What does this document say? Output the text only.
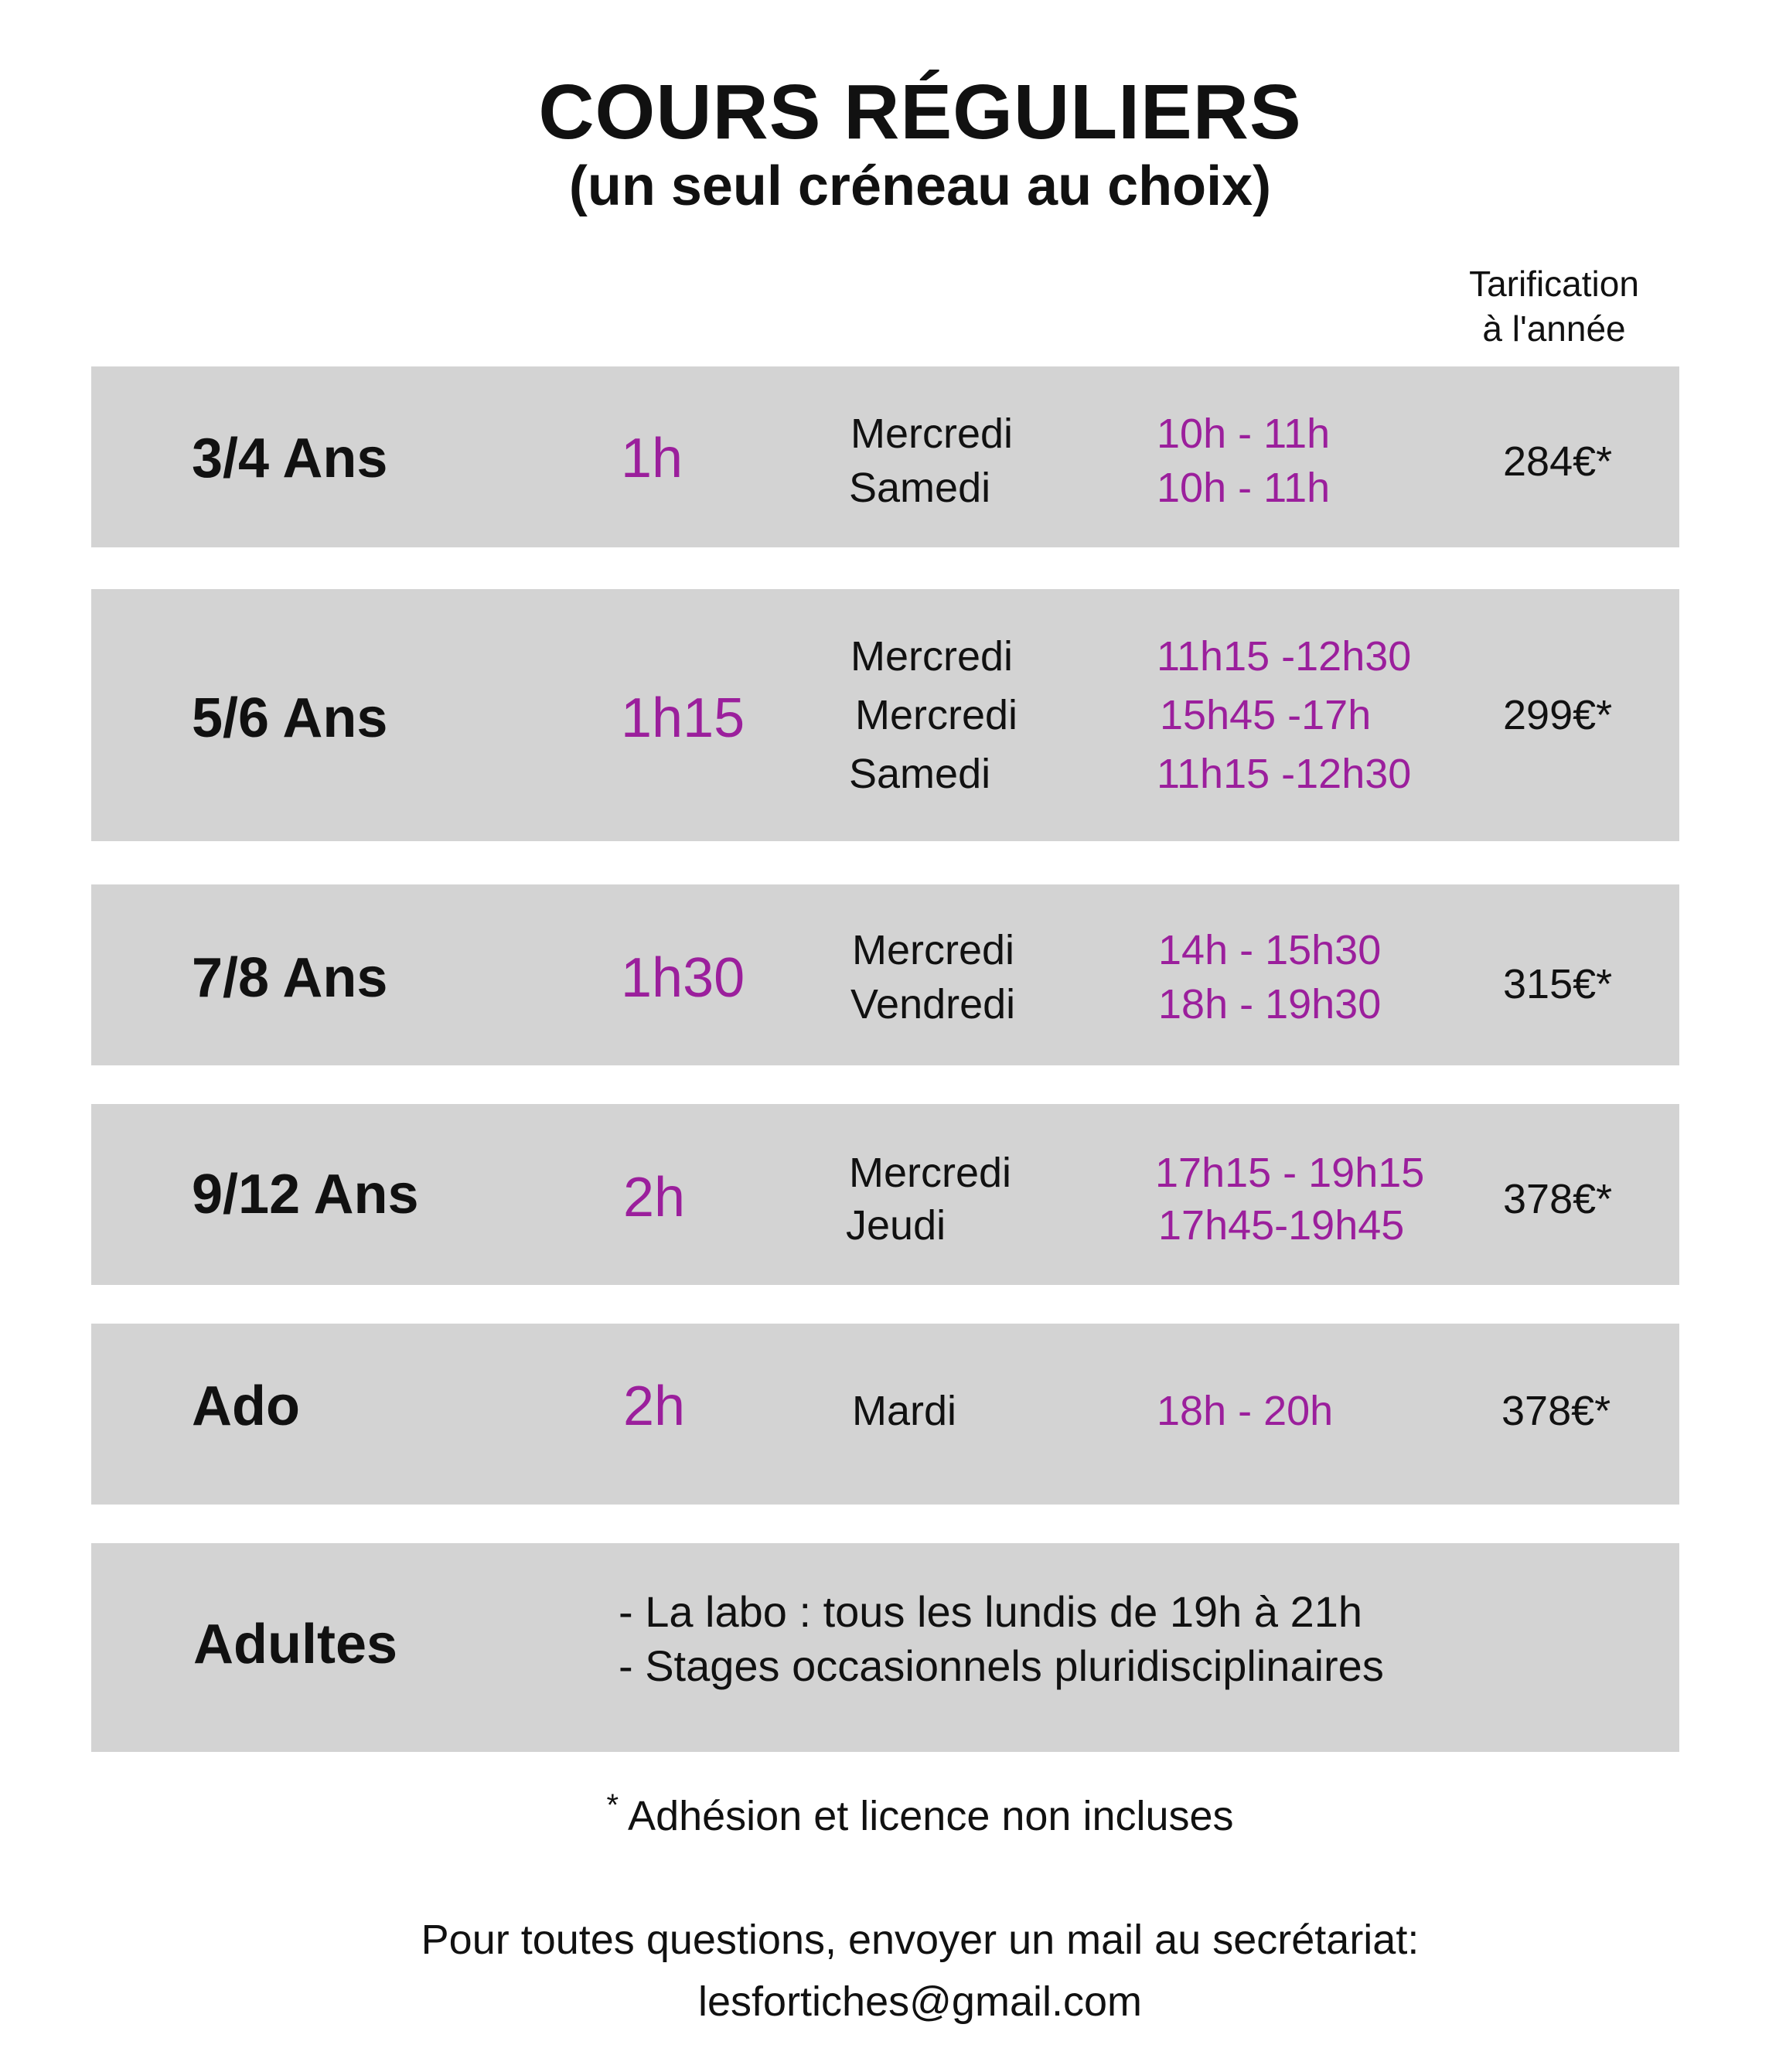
COURS RÉGULIERS
(un seul créneau au choix)
Tarification
à l'année
3/4 Ans	1h	Mercredi	10h - 11h
Samedi	10h - 11h
284€*
5/6 Ans	1h15
Mercredi	11h15 -12h30
Mercredi	15h45 -17h
Samedi	11h15 -12h30
299€*
7/8 Ans	1h30	Mercredi	14h - 15h30
Vendredi	18h - 19h30	315€*
9/12 Ans	2h	Mercredi	17h15 - 19h15
Jeudi	17h45-19h45
378€*
Ado	2h	Mardi	18h - 20h	378€*
Adultes
- La labo : tous les lundis de 19h à 21h
- Stages occasionnels pluridisciplinaires
* Adhésion et licence non incluses
Pour toutes questions, envoyer un mail au secrétariat:
lesfortiches@gmail.com
